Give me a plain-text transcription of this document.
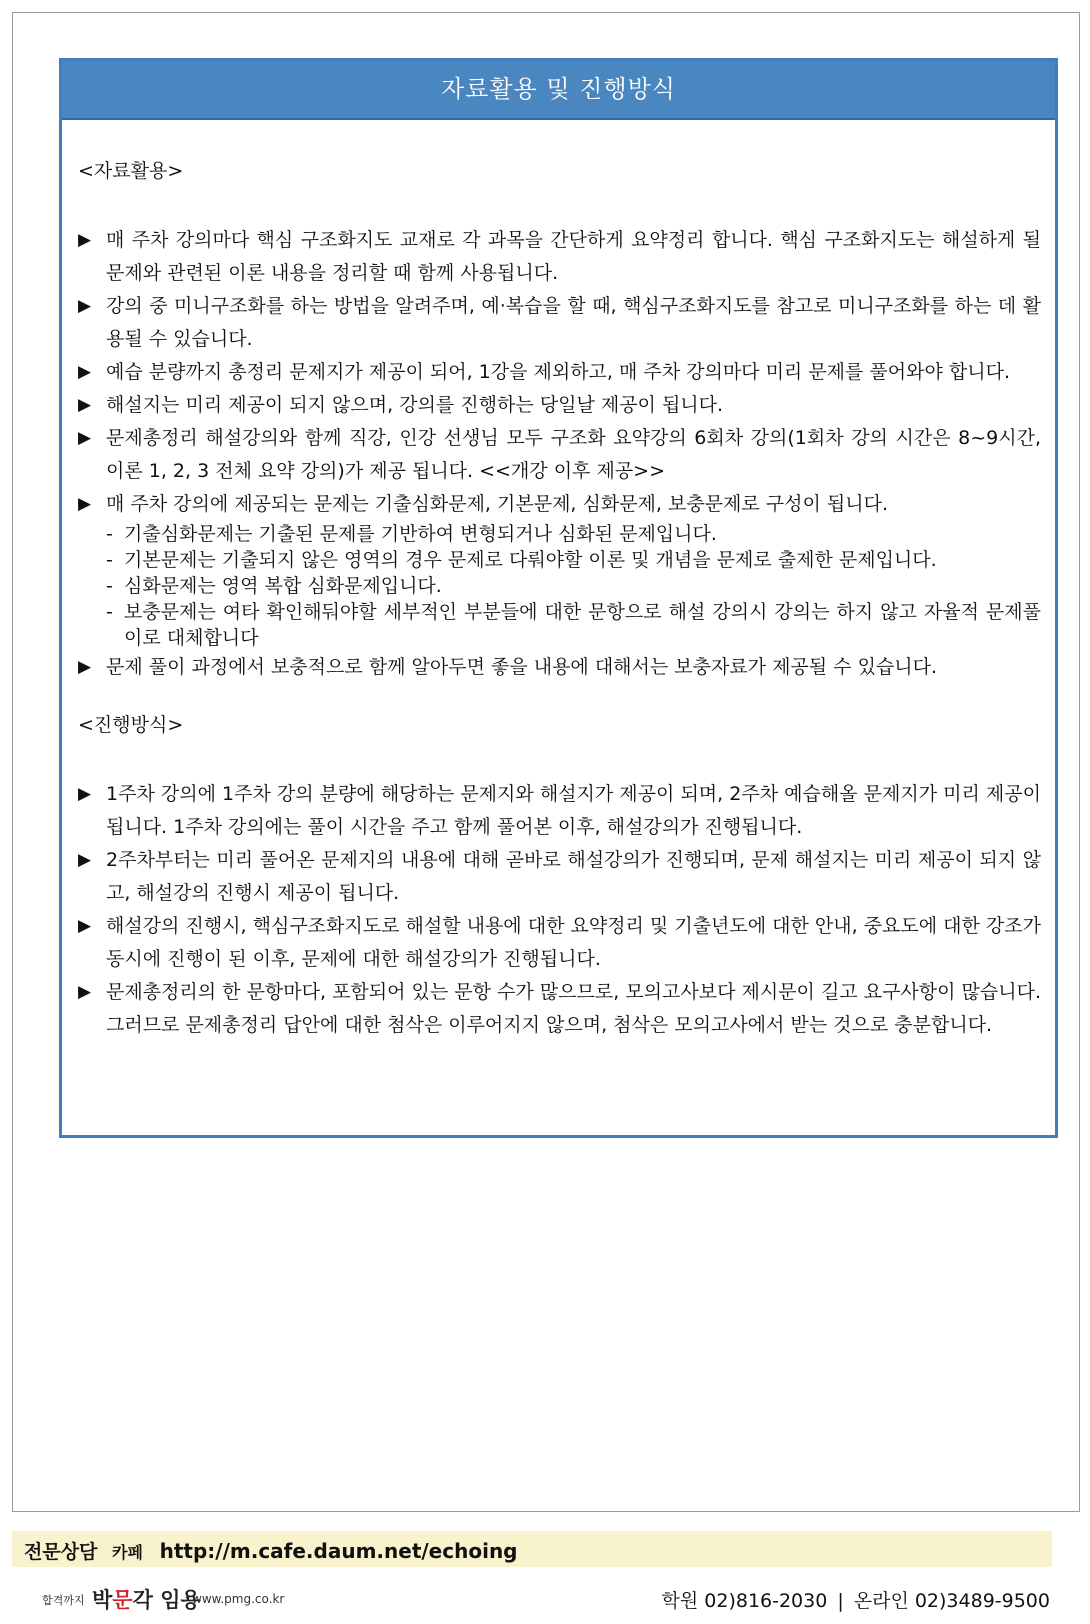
자료활용 및 진행방식
<자료활용>
▶ 매 주차 강의마다 핵심 구조화지도 교재로 각 과목을 간단하게 요약정리 합니다. 핵심 구조화지도는 해설하게 될 문제와 관련된 이론 내용을 정리할 때 함께 사용됩니다.
▶ 강의 중 미니구조화를 하는 방법을 알려주며, 예·복습을 할 때, 핵심구조화지도를 참고로 미니구조화를 하는 데 활용될 수 있습니다.
▶ 예습 분량까지 총정리 문제지가 제공이 되어, 1강을 제외하고, 매 주차 강의마다 미리 문제를 풀어와야 합니다.
▶ 해설지는 미리 제공이 되지 않으며, 강의를 진행하는 당일날 제공이 됩니다.
▶ 문제총정리 해설강의와 함께 직강, 인강 선생님 모두 구조화 요약강의 6회차 강의(1회차 강의 시간은 8~9시간, 이론 1, 2, 3 전체 요약 강의)가 제공 됩니다. <<개강 이후 제공>>
▶ 매 주차 강의에 제공되는 문제는 기출심화문제, 기본문제, 심화문제, 보충문제로 구성이 됩니다.
- 기출심화문제는 기출된 문제를 기반하여 변형되거나 심화된 문제입니다.
- 기본문제는 기출되지 않은 영역의 경우 문제로 다뤄야할 이론 및 개념을 문제로 출제한 문제입니다.
- 심화문제는 영역 복합 심화문제입니다.
- 보충문제는 여타 확인해둬야할 세부적인 부분들에 대한 문항으로 해설 강의시 강의는 하지 않고 자율적 문제풀이로 대체합니다
▶ 문제 풀이 과정에서 보충적으로 함께 알아두면 좋을 내용에 대해서는 보충자료가 제공될 수 있습니다.
<진행방식>
▶ 1주차 강의에 1주차 강의 분량에 해당하는 문제지와 해설지가 제공이 되며, 2주차 예습해올 문제지가 미리 제공이 됩니다. 1주차 강의에는 풀이 시간을 주고 함께 풀어본 이후, 해설강의가 진행됩니다.
▶ 2주차부터는 미리 풀어온 문제지의 내용에 대해 곧바로 해설강의가 진행되며, 문제 해설지는 미리 제공이 되지 않고, 해설강의 진행시 제공이 됩니다.
▶ 해설강의 진행시, 핵심구조화지도로 해설할 내용에 대한 요약정리 및 기출년도에 대한 안내, 중요도에 대한 강조가 동시에 진행이 된 이후, 문제에 대한 해설강의가 진행됩니다.
▶ 문제총정리의 한 문항마다, 포함되어 있는 문항 수가 많으므로, 모의고사보다 제시문이 길고 요구사항이 많습니다. 그러므로 문제총정리 답안에 대한 첨삭은 이루어지지 않으며, 첨삭은 모의고사에서 받는 것으로 충분합니다.
전문상담 카페 http://m.cafe.daum.net/echoing
합격까지 박문각 임용
www.pmg.co.kr	학원 02)816-2030 | 온라인 02)3489-9500
